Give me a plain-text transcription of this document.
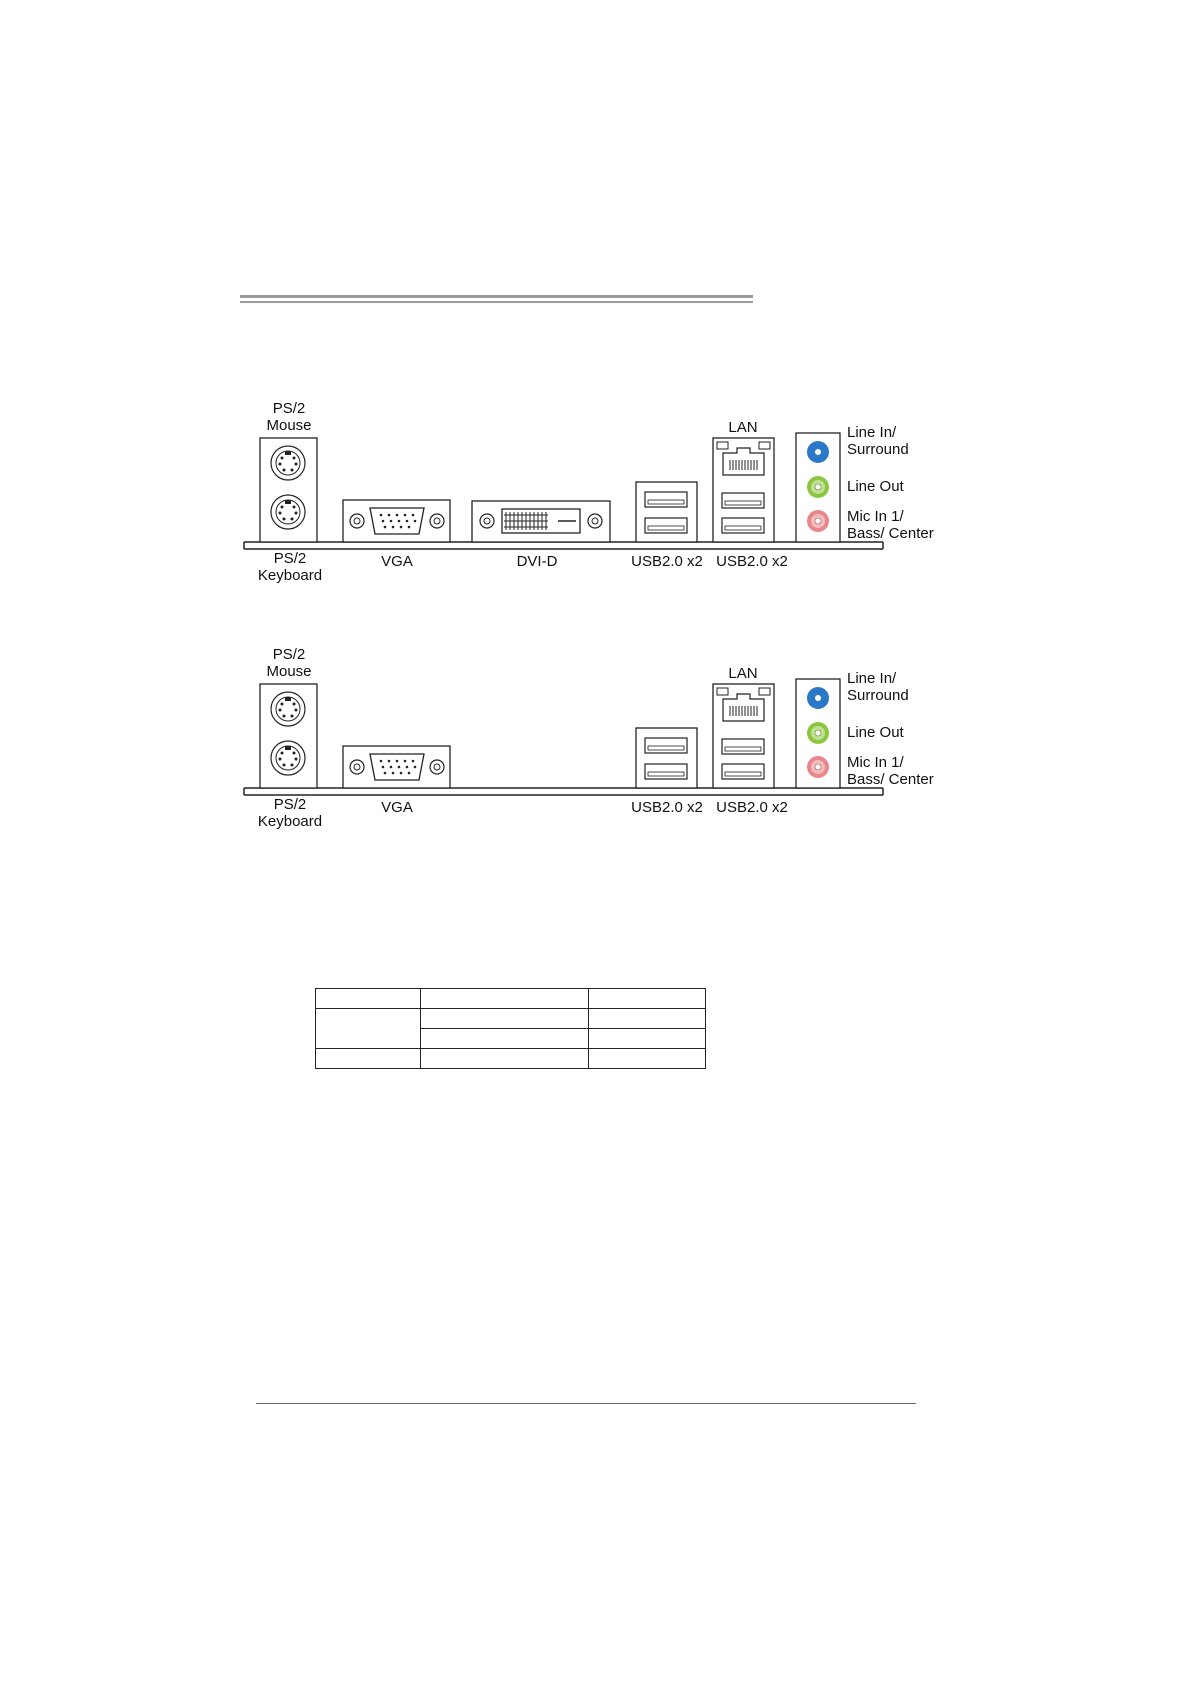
PS/2
Mouse	LAN	Line In/
Surround
Line Out
Mic In 1/
Bass/ Center
PS/2
Keyboard
VGA	DVI-D	USB2.0 x2 USB2.0 x2
PS/2
Mouse	LAN	Line In/
Surround
Line Out
Mic In 1/
Bass/ Center
PS/2
Keyboard
VGA	USB2.0 x2 USB2.0 x2
